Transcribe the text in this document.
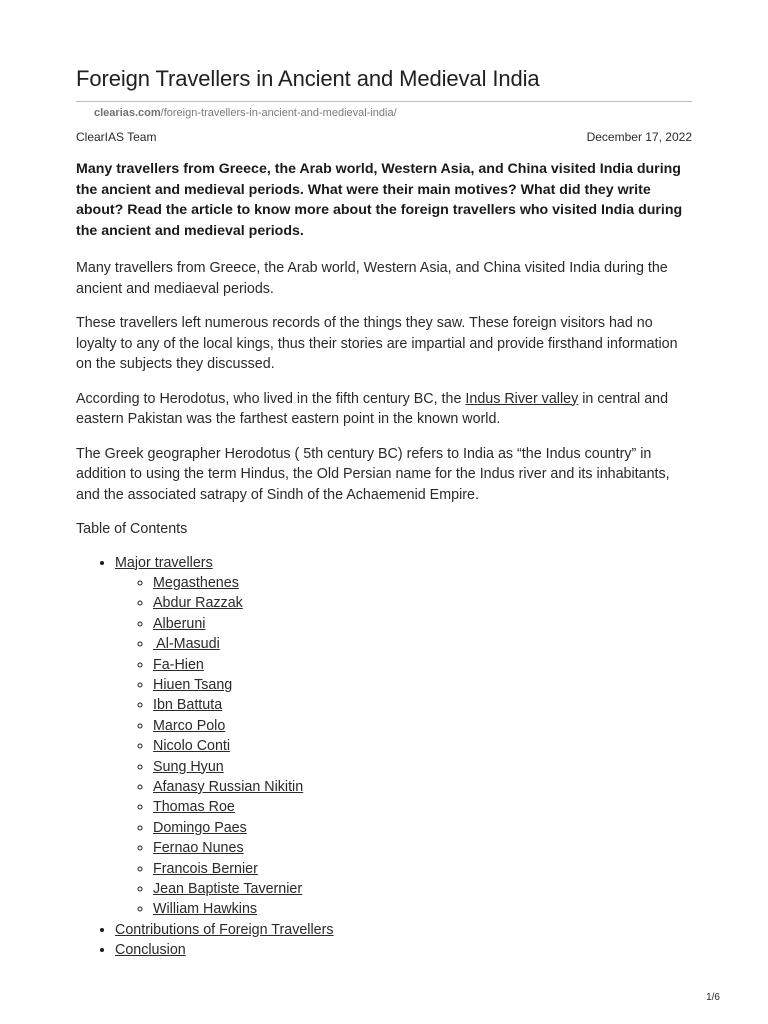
Foreign Travellers in Ancient and Medieval India
clearias.com/foreign-travellers-in-ancient-and-medieval-india/
ClearIAS Team	December 17, 2022

Many travellers from Greece, the Arab world, Western Asia, and China visited India during the ancient and medieval periods. What were their main motives? What did they write about? Read the article to know more about the foreign travellers who visited India during the ancient and medieval periods.

Many travellers from Greece, the Arab world, Western Asia, and China visited India during the ancient and mediaeval periods.

These travellers left numerous records of the things they saw. These foreign visitors had no loyalty to any of the local kings, thus their stories are impartial and provide firsthand information on the subjects they discussed.

According to Herodotus, who lived in the fifth century BC, the Indus River valley in central and eastern Pakistan was the farthest eastern point in the known world.

The Greek geographer Herodotus ( 5th century BC) refers to India as “the Indus country” in addition to using the term Hindus, the Old Persian name for the Indus river and its inhabitants, and the associated satrapy of Sindh of the Achaemenid Empire.

Table of Contents

• Major travellers
◦ Megasthenes
◦ Abdur Razzak
◦ Alberuni
◦  Al-Masudi
◦ Fa-Hien
◦ Hiuen Tsang
◦ Ibn Battuta
◦ Marco Polo
◦ Nicolo Conti
◦ Sung Hyun
◦ Afanasy Russian Nikitin
◦ Thomas Roe
◦ Domingo Paes
◦ Fernao Nunes
◦ Francois Bernier
◦ Jean Baptiste Tavernier
◦ William Hawkins
• Contributions of Foreign Travellers
• Conclusion
1/6
